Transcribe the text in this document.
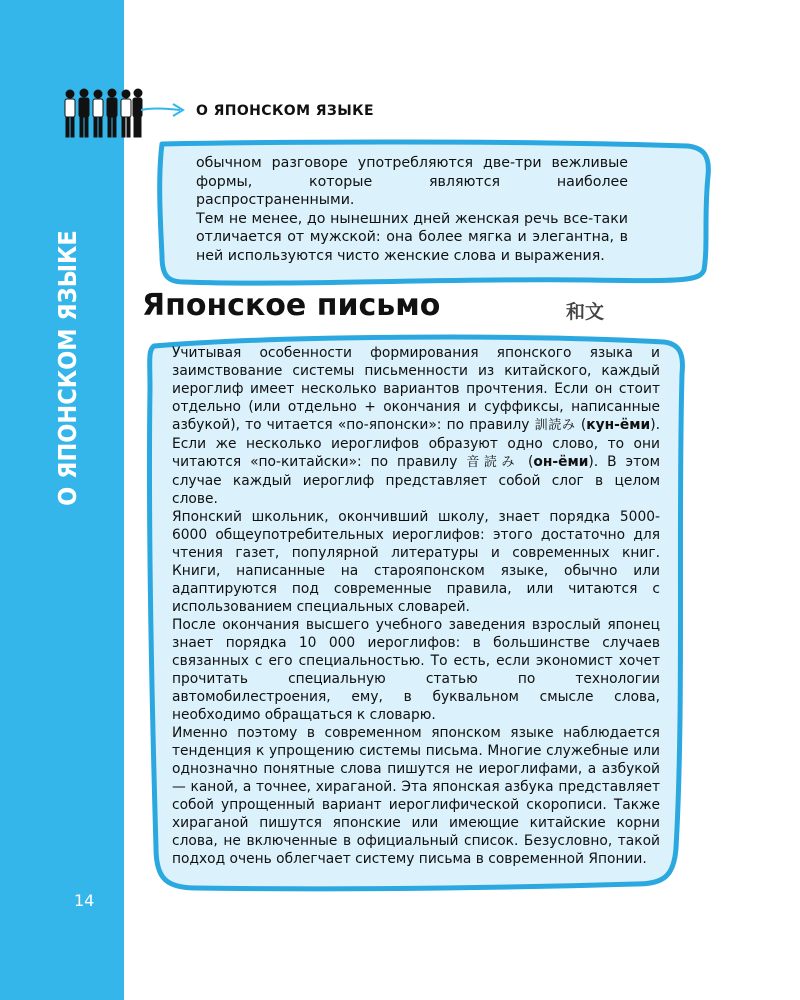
О ЯПОНСКОМ ЯЗЫКЕ
14
О ЯПОНСКОМ ЯЗЫКЕ

обычном разговоре употребляются две-три вежливые формы, которые являются наиболее распространенными.

Тем не менее, до нынешних дней женская речь все-таки отличается от мужской: она более мягка и элегантна, в ней используются чисто женские слова и выражения.

Японское письмо	和文

Учитывая особенности формирования японского языка и заимствование системы письменности из китайского, каждый иероглиф имеет несколько вариантов прочтения. Если он стоит отдельно (или отдельно + окончания и суффиксы, написанные азбукой), то читается «по-японски»: по правилу 訓読み (кун-ёми). Если же несколько иероглифов образуют одно слово, то они читаются «по-китайски»: по правилу 音読み (он-ёми). В этом случае каждый иероглиф представляет собой слог в целом слове.

Японский школьник, окончивший школу, знает порядка 5000-6000 общеупотребительных иероглифов: этого достаточно для чтения газет, популярной литературы и современных книг. Книги, написанные на старояпонском языке, обычно или адаптируются под современные правила, или читаются с использованием специальных словарей.

После окончания высшего учебного заведения взрослый японец знает порядка 10 000 иероглифов: в большинстве случаев связанных с его специальностью. То есть, если экономист хочет прочитать специальную статью по технологии автомобилестроения, ему, в буквальном смысле слова, необходимо обращаться к словарю.

Именно поэтому в современном японском языке наблюдается тенденция к упрощению системы письма. Многие служебные или однозначно понятные слова пишутся не иероглифами, а азбукой — каной, а точнее, хираганой. Эта японская азбука представляет собой упрощенный вариант иероглифической скорописи. Также хираганой пишутся японские или имеющие китайские корни слова, не включенные в официальный список. Безусловно, такой подход очень облегчает систему письма в современной Японии.
